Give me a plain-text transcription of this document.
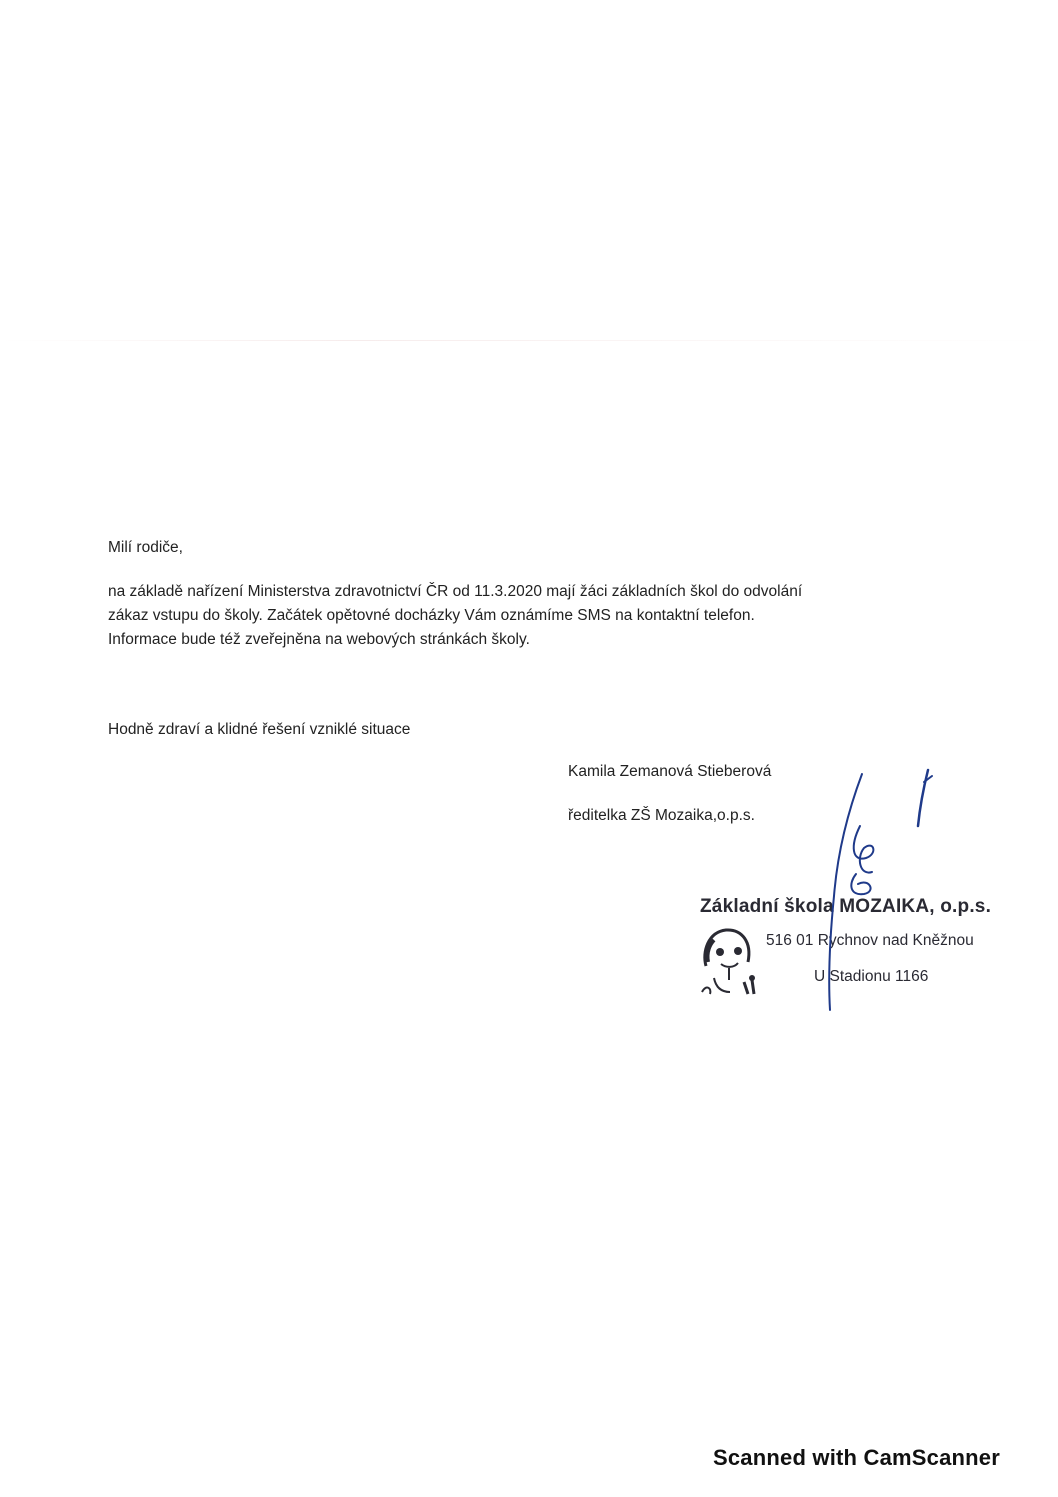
Milí rodiče,
na základě nařízení Ministerstva zdravotnictví ČR od 11.3.2020 mají žáci základních škol do odvolání
zákaz vstupu do školy. Začátek opětovné docházky Vám oznámíme SMS na kontaktní telefon.
Informace bude též zveřejněna na webových stránkách školy.
Hodně zdraví a klidné řešení vzniklé situace
Kamila Zemanová Stieberová
ředitelka ZŠ Mozaika,o.p.s.
Základní škola MOZAIKA, o.p.s.
516 01 Rychnov nad Kněžnou
U Stadionu 1166
Scanned with CamScanner
